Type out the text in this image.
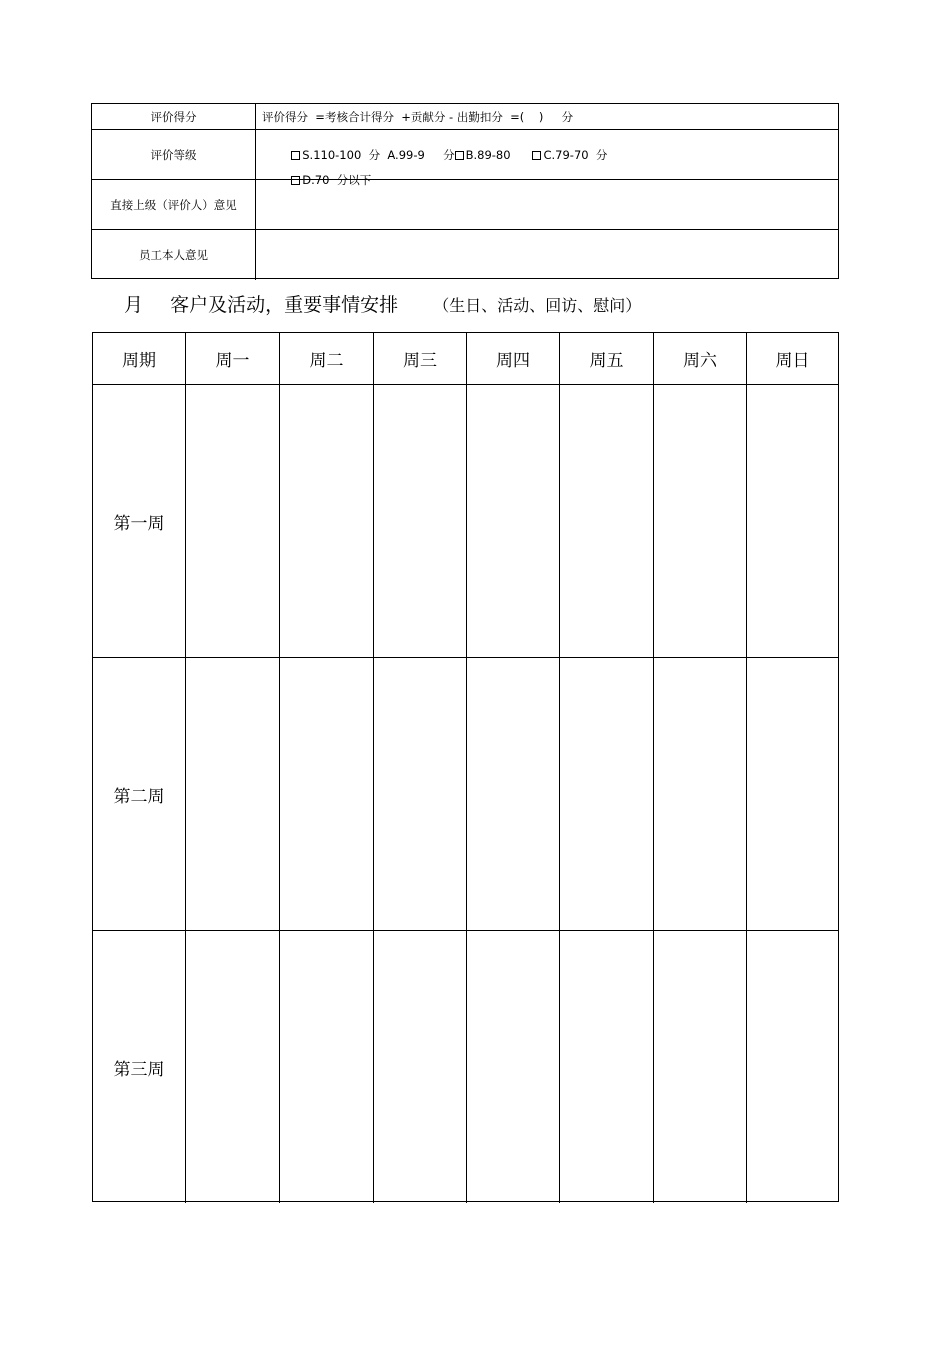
评价得分	评价得分  =考核合计得分  +贡献分 - 出勤扣分  =(    )     分
评价等级	S.110-100  分  A.99-9     分 B.89-80      C.79-70  分

D.70  分以下

直接上级（评价人）意见
员工本人意见
月 客户及活动，重要事情安排 （生日、活动、回访、慰问）
周期	周一	周二	周三	周四	周五	周六	周日
第一周
第二周
第三周
